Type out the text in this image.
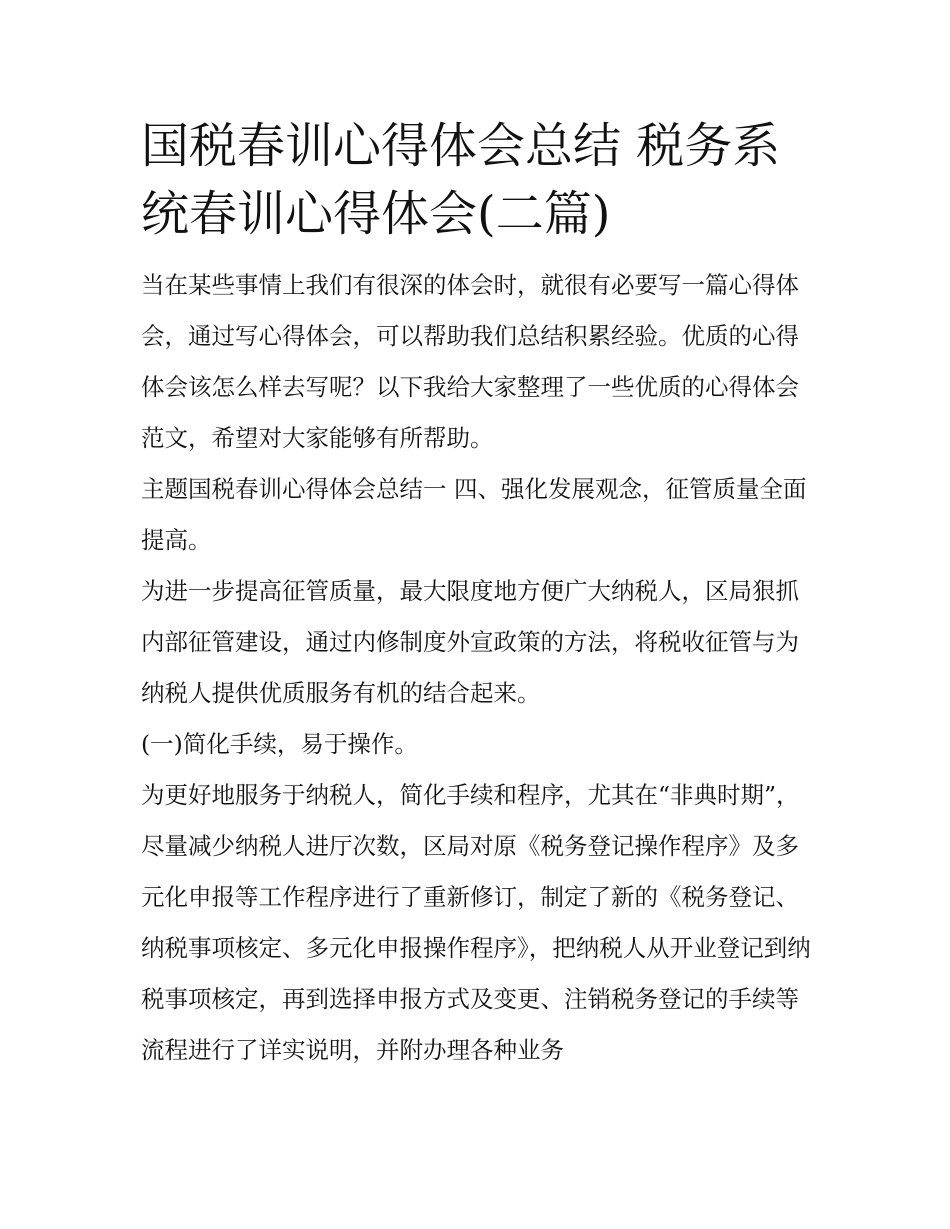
国税春训心得体会总结 税务系统春训心得体会(二篇)

当在某些事情上我们有很深的体会时，就很有必要写一篇心得体会，通过写心得体会，可以帮助我们总结积累经验。优质的心得体会该怎么样去写呢？以下我给大家整理了一些优质的心得体会范文，希望对大家能够有所帮助。

主题国税春训心得体会总结一 四、强化发展观念，征管质量全面提高。

为进一步提高征管质量，最大限度地方便广大纳税人，区局狠抓内部征管建设，通过内修制度外宣政策的方法，将税收征管与为纳税人提供优质服务有机的结合起来。

(一)简化手续，易于操作。

为更好地服务于纳税人，简化手续和程序，尤其在“非典时期”，尽量减少纳税人进厅次数，区局对原《税务登记操作程序》及多元化申报等工作程序进行了重新修订，制定了新的《税务登记、纳税事项核定、多元化申报操作程序》，把纳税人从开业登记到纳税事项核定，再到选择申报方式及变更、注销税务登记的手续等流程进行了详实说明，并附办理各种业务
